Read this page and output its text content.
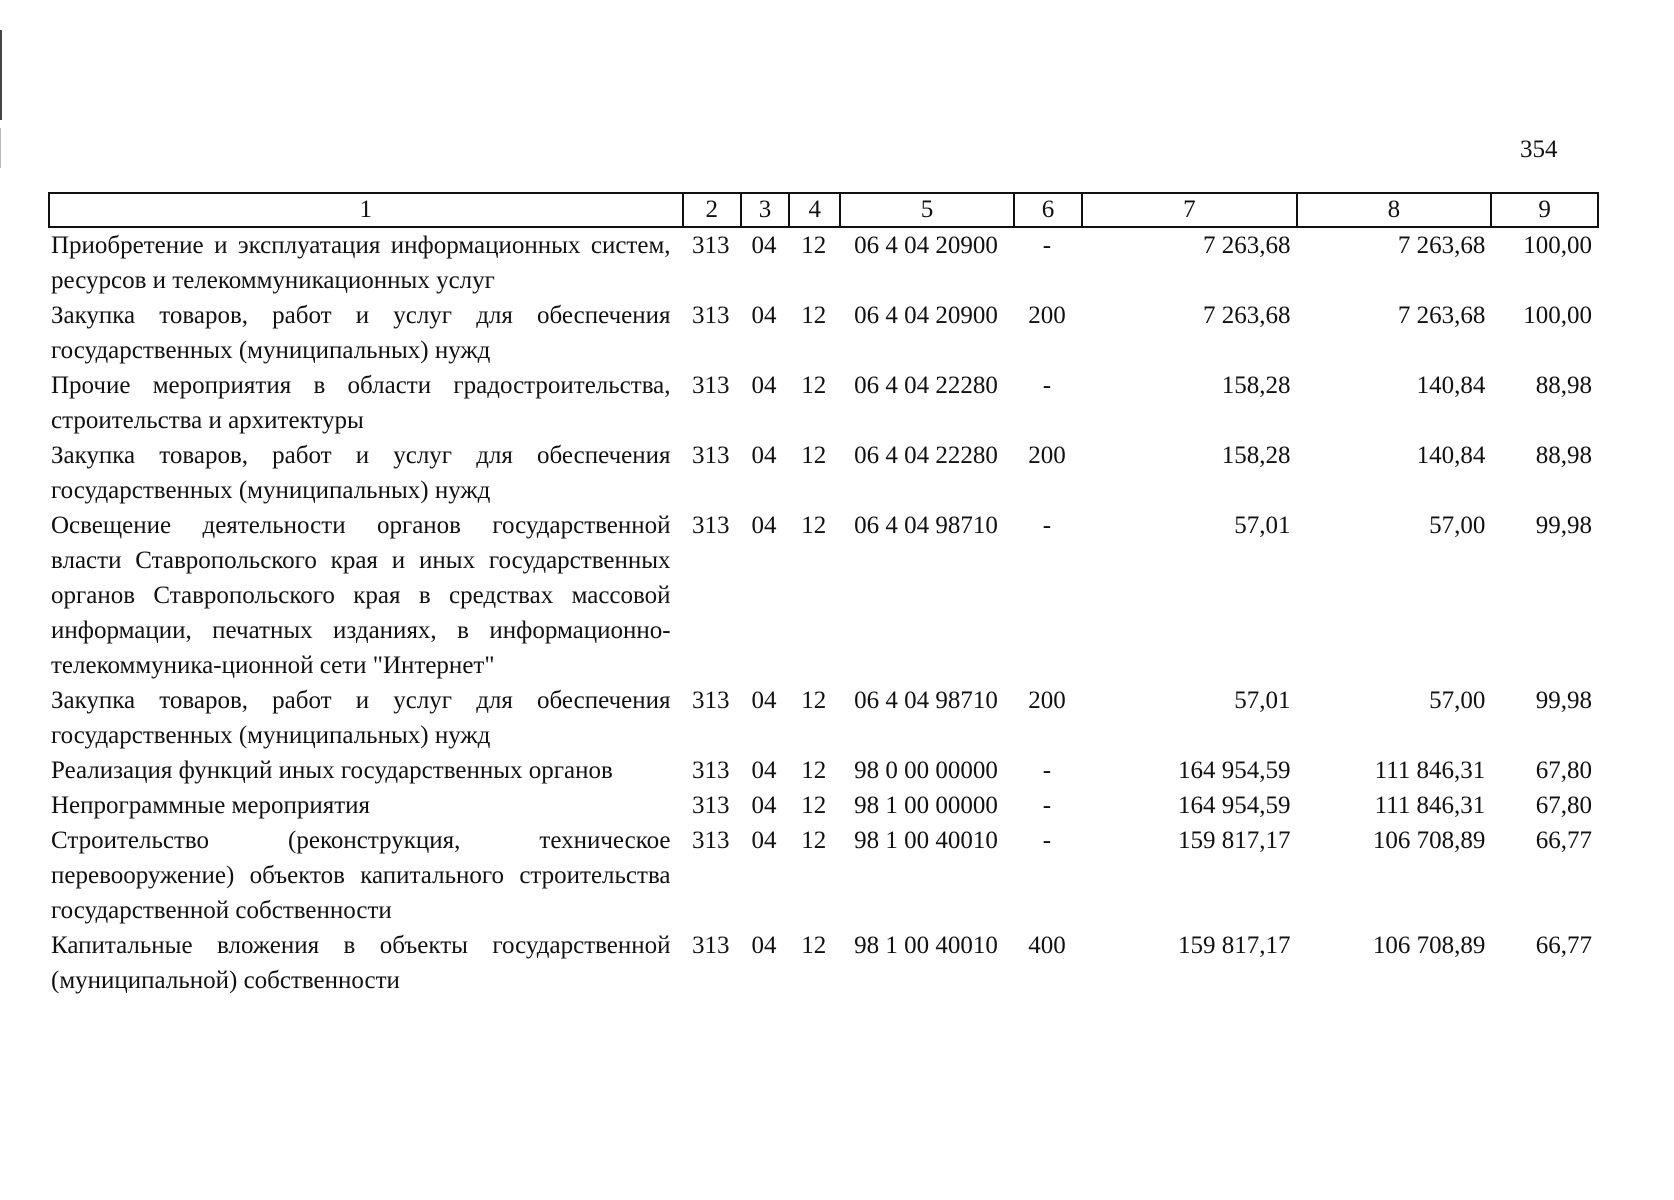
354
1	2	3	4	5	6	7	8	9
Приобретение и эксплуатация информационных систем, ресурсов и телекоммуникационных услуг	313	04	12	06 4 04 20900	-	7 263,68	7 263,68	100,00
Закупка товаров, работ и услуг для обеспечения государственных (муниципальных) нужд	313	04	12	06 4 04 20900	200	7 263,68	7 263,68	100,00
Прочие мероприятия в области градостроительства, строительства и архитектуры	313	04	12	06 4 04 22280	-	158,28	140,84	88,98
Закупка товаров, работ и услуг для обеспечения государственных (муниципальных) нужд	313	04	12	06 4 04 22280	200	158,28	140,84	88,98
Освещение деятельности органов государственной власти Ставропольского края и иных государственных органов Ставропольского края в средствах массовой информации, печатных изданиях, в информационно-телекоммуника-ционной сети "Интернет"	313	04	12	06 4 04 98710	-	57,01	57,00	99,98
Закупка товаров, работ и услуг для обеспечения государственных (муниципальных) нужд	313	04	12	06 4 04 98710	200	57,01	57,00	99,98
Реализация функций иных государственных органов	313	04	12	98 0 00 00000	-	164 954,59	111 846,31	67,80
Непрограммные мероприятия	313	04	12	98 1 00 00000	-	164 954,59	111 846,31	67,80
Строительство (реконструкция, техническое перевооружение) объектов капитального строительства государственной собственности	313	04	12	98 1 00 40010	-	159 817,17	106 708,89	66,77
Капитальные вложения в объекты государственной (муниципальной) собственности	313	04	12	98 1 00 40010	400	159 817,17	106 708,89	66,77
